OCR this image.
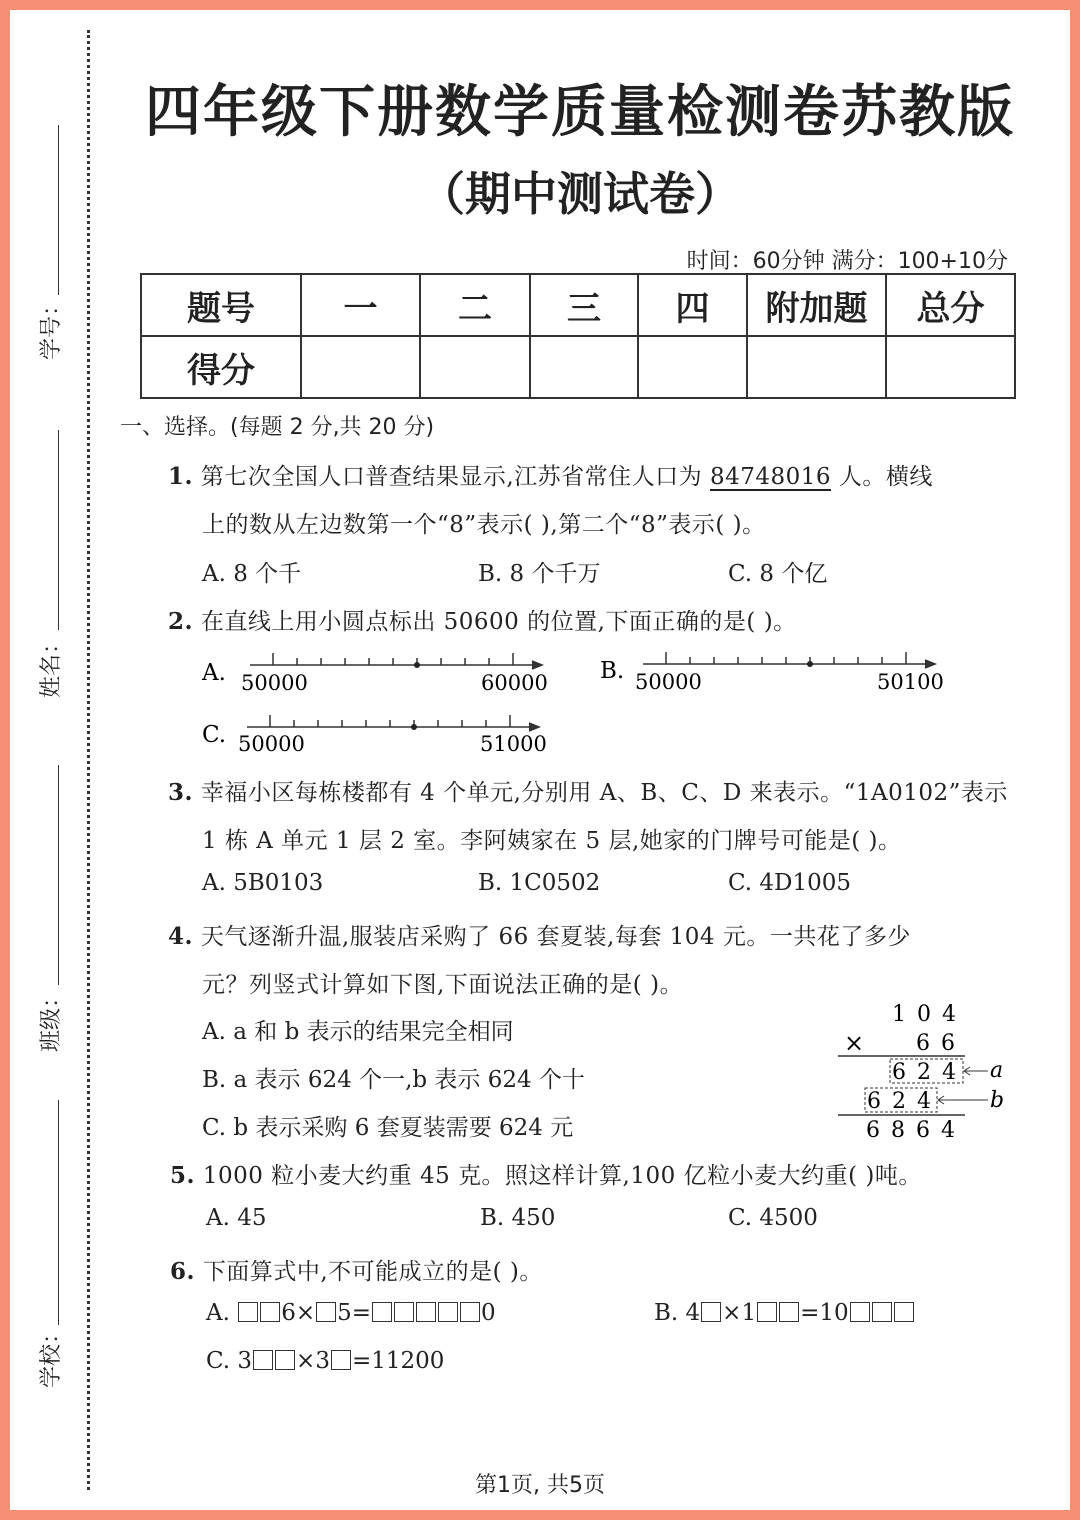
学号：
姓名：
班级：
学校：
四年级下册数学质量检测卷苏教版
（期中测试卷）
时间：60分钟 满分：100+10分
题号	一	二	三	四	附加题	总分
得分						
一、选择。(每题 2 分,共 20 分)
1. 第七次全国人口普查结果显示,江苏省常住人口为 84748016 人。横线
上的数从左边数第一个“8”表示( ),第二个“8”表示( )。
A. 8 个千	B. 8 个千万	C. 8 个亿
2. 在直线上用小圆点标出 50600 的位置,下面正确的是( )。
A. 50000	60000 B. 50000	50100
C. 50000	51000
3. 幸福小区每栋楼都有 4 个单元,分别用 A、B、C、D 来表示。“1A0102”表示
1 栋 A 单元 1 层 2 室。李阿姨家在 5 层,她家的门牌号可能是( )。
A. 5B0103	B. 1C0502	C. 4D1005
4. 天气逐渐升温,服装店采购了 66 套夏装,每套 104 元。一共花了多少
元？列竖式计算如下图,下面说法正确的是( )。
A. a 和 b 表示的结果完全相同
B. a 表示 624 个一,b 表示 624 个十
C. b 表示采购 6 套夏装需要 624 元
1 0 4
× 6 6
6 2 4 a
6 2 4	b
6 8 6 4
5. 1000 粒小麦大约重 45 克。照这样计算,100 亿粒小麦大约重( )吨。
A. 45	B. 450	C. 4500
6. 下面算式中,不可能成立的是( )。
A. 6× 5=	0	B. 4 ×1 =10
C. 3 ×3 =11200
第1页, 共5页
